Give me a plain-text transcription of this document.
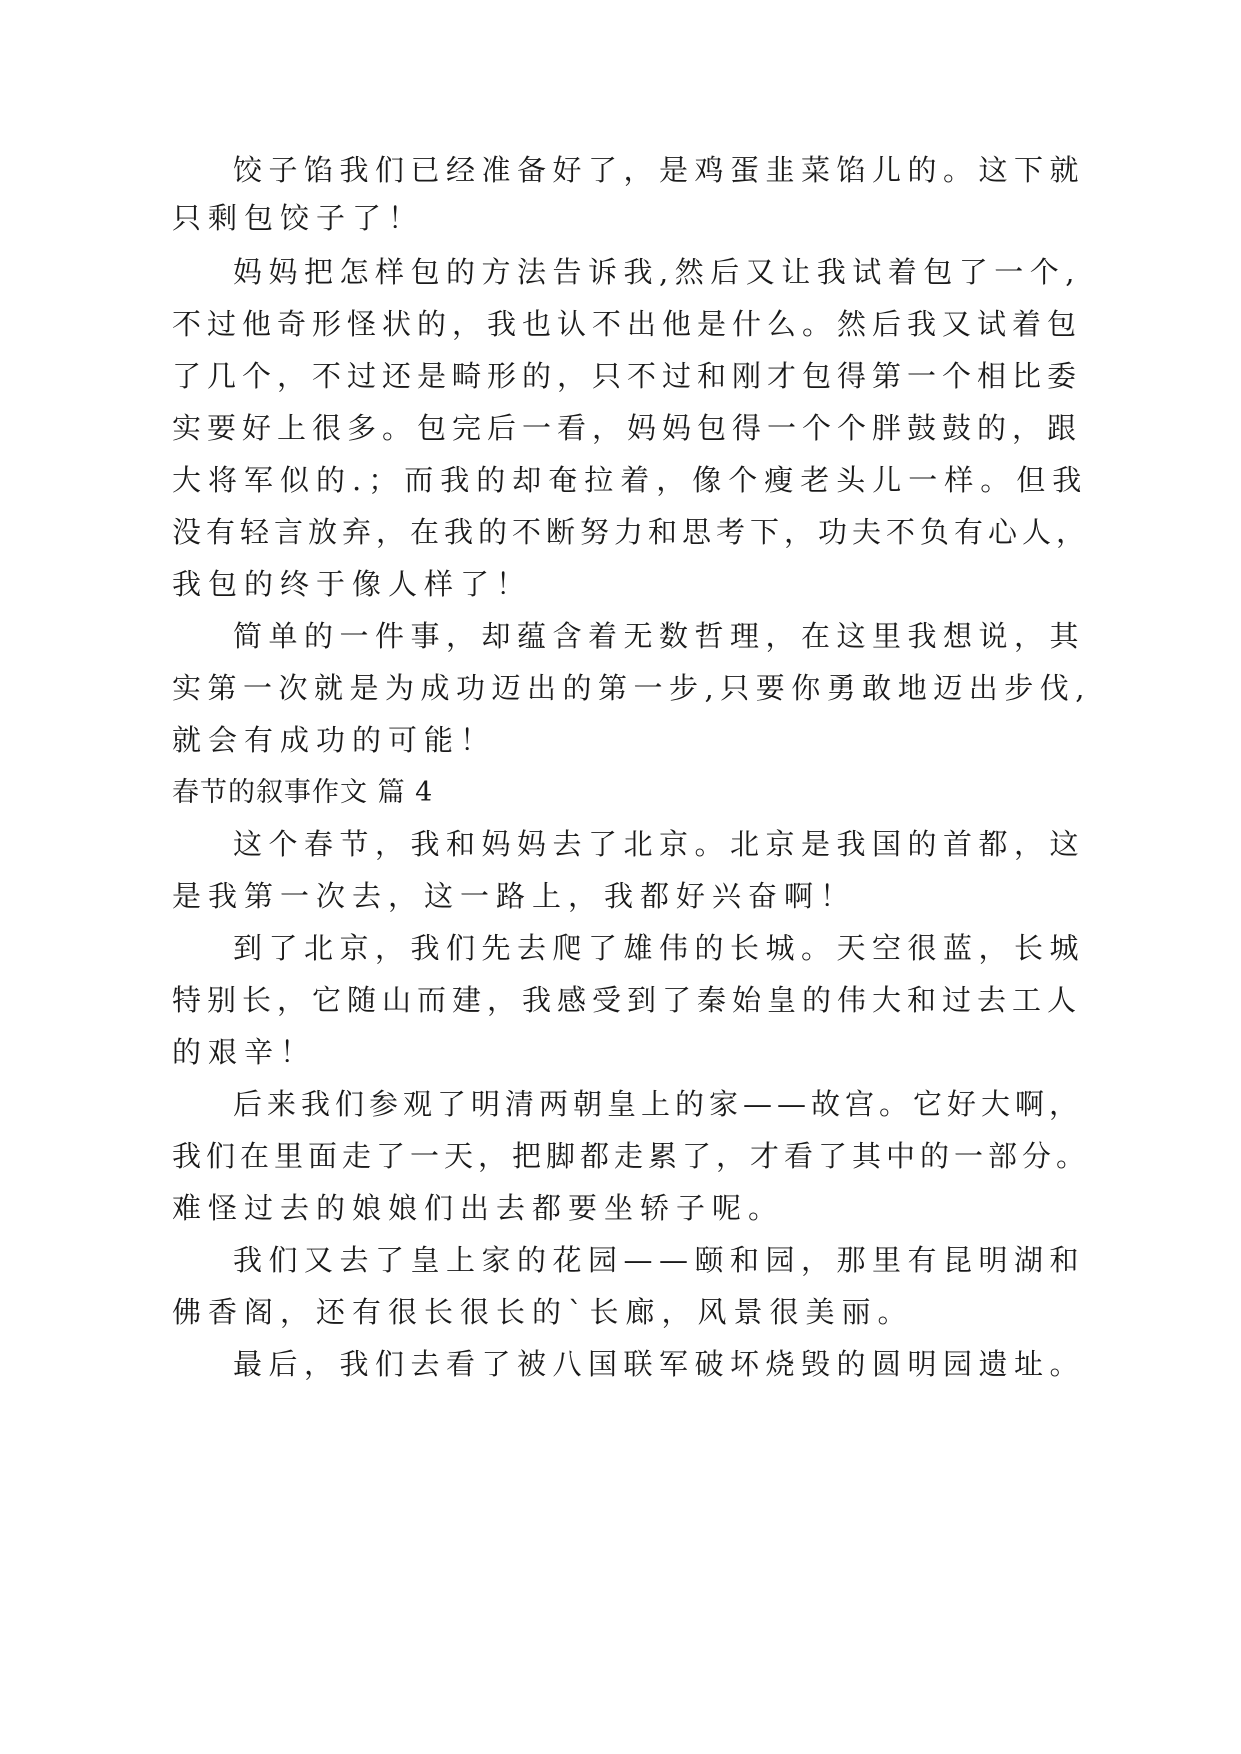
饺子馅我们已经准备好了，是鸡蛋韭菜馅儿的。这下就
只剩包饺子了！
妈妈把怎样包的方法告诉我,然后又让我试着包了一个,
不过他奇形怪状的，我也认不出他是什么。然后我又试着包
了几个，不过还是畸形的，只不过和刚才包得第一个相比委
实要好上很多。包完后一看，妈妈包得一个个胖鼓鼓的，跟
大将军似的.；而我的却奄拉着，像个瘦老头儿一样。但我
没有轻言放弃，在我的不断努力和思考下，功夫不负有心人，
我包的终于像人样了！
简单的一件事，却蕴含着无数哲理，在这里我想说，其
实第一次就是为成功迈出的第一步,只要你勇敢地迈出步伐,
就会有成功的可能！
春节的叙事作文 篇 4
这个春节，我和妈妈去了北京。北京是我国的首都，这
是我第一次去，这一路上，我都好兴奋啊！
到了北京，我们先去爬了雄伟的长城。天空很蓝，长城
特别长，它随山而建，我感受到了秦始皇的伟大和过去工人
的艰辛！
后来我们参观了明清两朝皇上的家——故宫。它好大啊，
我们在里面走了一天，把脚都走累了，才看了其中的一部分。
难怪过去的娘娘们出去都要坐轿子呢。
我们又去了皇上家的花园——颐和园，那里有昆明湖和
佛香阁，还有很长很长的`长廊，风景很美丽。
最后，我们去看了被八国联军破坏烧毁的圆明园遗址。
